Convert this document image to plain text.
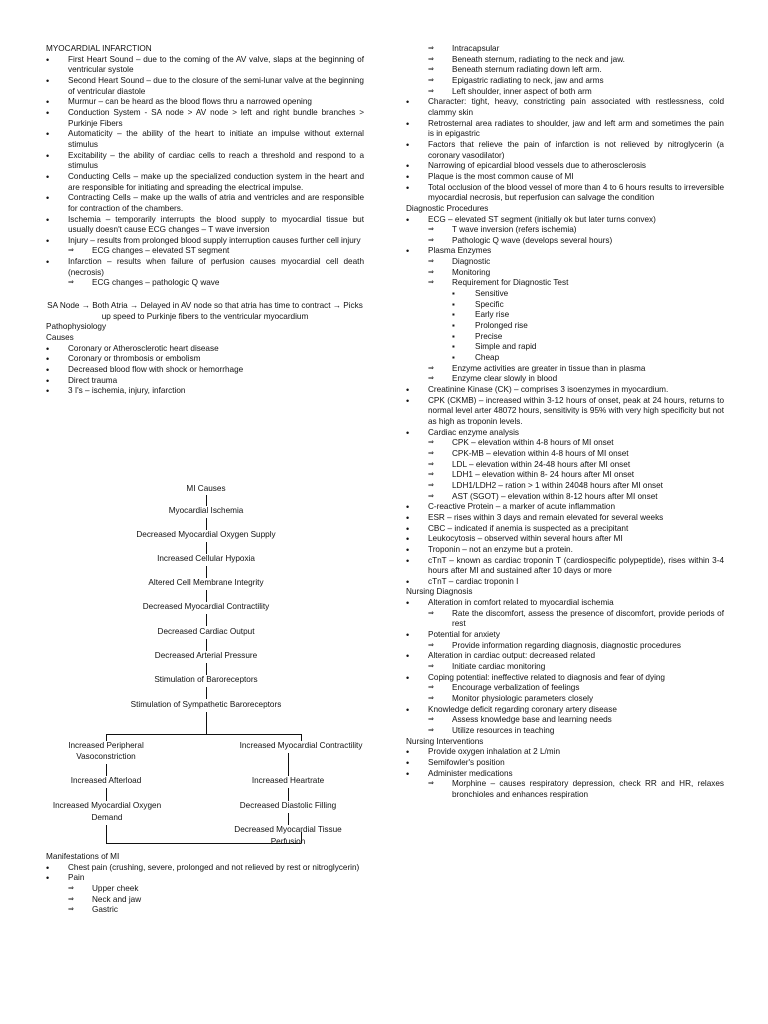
MYOCARDIAL INFARCTION
• First Heart Sound – due to the coming of the AV valve, slaps at the beginning of ventricular systole
• Second Heart Sound – due to the closure of the semi-lunar valve at the beginning of ventricular diastole
• Murmur – can be heard as the blood flows thru a narrowed opening
• Conduction System - SA node > AV node > left and right bundle branches > Purkinje Fibers
• Automaticity – the ability of the heart to initiate an impulse without external stimulus
• Excitability – the ability of cardiac cells to reach a threshold and respond to a stimulus
• Conducting Cells – make up the specialized conduction system in the heart and are responsible for initiating and spreading the electrical impulse.
• Contracting Cells – make up the walls of atria and ventricles and are responsible for contraction of the chambers.
• Ischemia – temporarily interrupts the blood supply to myocardial tissue but usually doesn't cause ECG changes – T wave inversion
• Injury – results from prolonged blood supply interruption causes further cell injury
⇒ ECG changes – elevated ST segment
• Infarction – results when failure of perfusion causes myocardial cell death (necrosis)
⇒ ECG changes – pathologic Q wave
SA Node → Both Atria → Delayed in AV node so that atria has time to contract → Picks up speed to Purkinje fibers to the ventricular myocardium
Pathophysiology
Causes
• Coronary or Atherosclerotic heart disease
• Coronary or thrombosis or embolism
• Decreased blood flow with shock or hemorrhage
• Direct trauma
• 3 I's – ischemia, injury, infarction
MI Causes
Myocardial Ischemia
Decreased Myocardial Oxygen Supply
Increased Cellular Hypoxia
Altered Cell Membrane Integrity
Decreased Myocardial Contractility
Decreased Cardiac Output
Decreased Arterial Pressure
Stimulation of Baroreceptors
Stimulation of Sympathetic Baroreceptors
Increased Peripheral
Vasoconstriction
Increased Afterload
Increased Myocardial Oxygen
Demand
Increased Myocardial Contractility
Increased Heartrate
Decreased Diastolic Filling
Decreased Myocardial Tissue
Perfusion
Manifestations of MI
• Chest pain (crushing, severe, prolonged and not relieved by rest or nitroglycerin)
• Pain
⇒ Upper cheek
⇒ Neck and jaw
⇒ Gastric
⇒ Intracapsular
⇒ Beneath sternum, radiating to the neck and jaw.
⇒ Beneath sternum radiating down left arm.
⇒ Epigastric radiating to neck, jaw and arms
⇒ Left shoulder, inner aspect of both arm
• Character: tight, heavy, constricting pain associated with restlessness, cold clammy skin
• Retrosternal area radiates to shoulder, jaw and left arm and sometimes the pain is in epigastric
• Factors that relieve the pain of infarction is not relieved by nitroglycerin (a coronary vasodilator)
• Narrowing of epicardial blood vessels due to atherosclerosis
• Plaque is the most common cause of MI
• Total occlusion of the blood vessel of more than 4 to 6 hours results to irreversible myocardial necrosis, but reperfusion can salvage the condition
Diagnostic Procedures
• ECG – elevated ST segment (initially ok but later turns convex)
⇒ T wave inversion (refers ischemia)
⇒ Pathologic Q wave (develops several hours)
• Plasma Enzymes
⇒ Diagnostic
⇒ Monitoring
⇒ Requirement for Diagnostic Test
▪ Sensitive
▪ Specific
▪ Early rise
▪ Prolonged rise
▪ Precise
▪ Simple and rapid
▪ Cheap
⇒ Enzyme activities are greater in tissue than in plasma
⇒ Enzyme clear slowly in blood
• Creatinine Kinase (CK) – comprises 3 isoenzymes in myocardium.
• CPK (CKMB) – increased within 3-12 hours of onset, peak at 24 hours, returns to normal level arter 48072 hours, sensitivity is 95% with very high specificity but not as high as troponin levels.
• Cardiac enzyme analysis
⇒ CPK – elevation within 4-8 hours of MI onset
⇒ CPK-MB – elevation within 4-8 hours of MI onset
⇒ LDL – elevation within 24-48 hours after MI onset
⇒ LDH1 – elevation within 8- 24 hours after MI onset
⇒ LDH1/LDH2 – ration > 1 within 24048 hours after MI onset
⇒ AST (SGOT) – elevation within 8-12 hours after MI onset
• C-reactive Protein – a marker of acute inflammation
• ESR – rises within 3 days and remain elevated for several weeks
• CBC – indicated if anemia is suspected as a precipitant
• Leukocytosis – observed within several hours after MI
• Troponin – not an enzyme but a protein.
• cTnT – known as cardiac troponin T (cardiospecific polypeptide), rises within 3-4 hours after MI and sustained after 10 days or more
• cTnT – cardiac troponin I
Nursing Diagnosis
• Alteration in comfort related to myocardial ischemia
⇒ Rate the discomfort, assess the presence of discomfort, provide periods of rest
• Potential for anxiety
⇒ Provide information regarding diagnosis, diagnostic procedures
• Alteration in cardiac output: decreased related
⇒ Initiate cardiac monitoring
• Coping potential: ineffective related to diagnosis and fear of dying
⇒ Encourage verbalization of feelings
⇒ Monitor physiologic parameters closely
• Knowledge deficit regarding coronary artery disease
⇒ Assess knowledge base and learning needs
⇒ Utilize resources in teaching
Nursing Interventions
• Provide oxygen inhalation at 2 L/min
• Semifowler's position
• Administer medications
⇒ Morphine – causes respiratory depression, check RR and HR, relaxes bronchioles and enhances respiration
